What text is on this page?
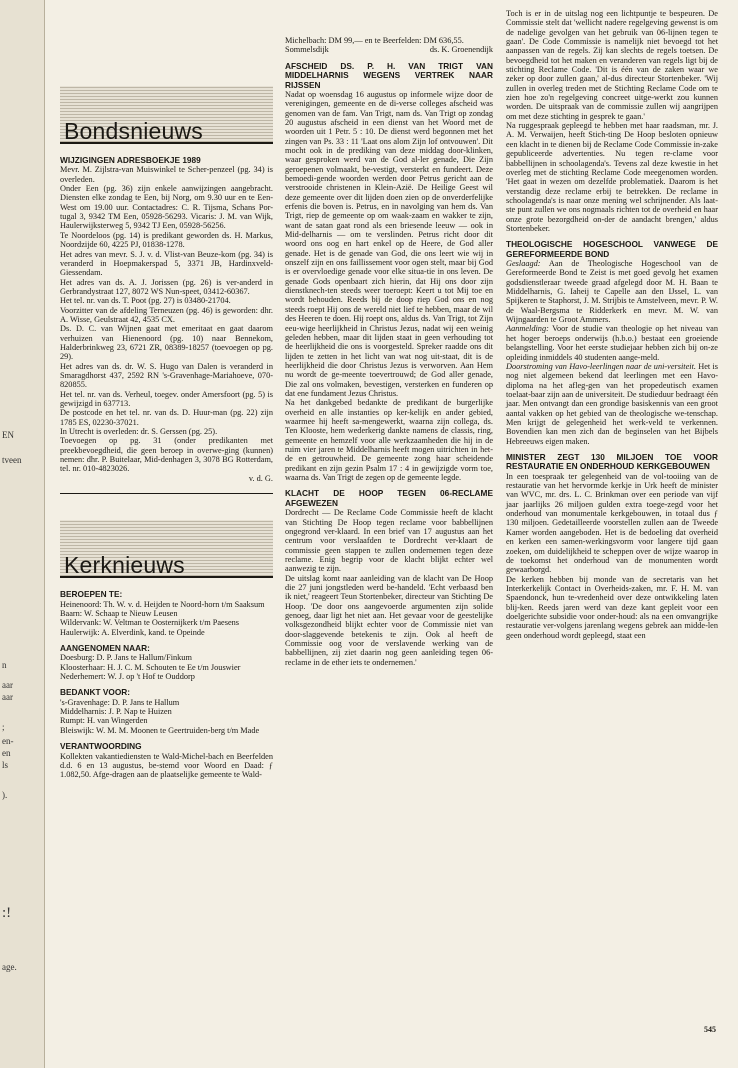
EN
tveen
n
aar
aar
;
en-
en
ls
).
:!
age.
Bondsnieuws

WIJZIGINGEN ADRESBOEKJE 1989

Mevr. M. Zijlstra-van Muiswinkel te Scher-penzeel (pg. 34) is overleden.

Onder Een (pg. 36) zijn enkele aanwijzingen aangebracht. Diensten elke zondag te Een, bij Norg, om 9.30 uur en te Een-West om 19.00 uur. Contactadres: C. R. Tijsma, Schans Por-tugal 3, 9342 TM Een, 05928-56293. Vicaris: J. M. van Wijk, Haulerwijksterweg 5, 9342 TJ Een, 05928-56256.

Te Noordeloos (pg. 14) is predikant geworden ds. H. Markus, Noordzijde 60, 4225 PJ, 01838-1278.

Het adres van mevr. S. J. v. d. Vlist-van Beuze-kom (pg. 34) is veranderd in Hoepmakerspad 5, 3371 JB, Hardinxveld-Giessendam.

Het adres van ds. A. J. Jorissen (pg. 26) is ver-anderd in Gerbrandystraat 127, 8072 WS Nun-speet, 03412-60367.

Het tel. nr. van ds. T. Poot (pg. 27) is 03480-21704.

Voorzitter van de afdeling Terneuzen (pg. 46) is geworden: dhr. A. Wisse, Geulstraat 42, 4535 CX.

Ds. D. C. van Wijnen gaat met emeritaat en gaat daarom verhuizen van Hienenoord (pg. 10) naar Bennekom, Halderbrinkweg 23, 6721 ZR, 08389-18257 (toevoegen op pg. 29).

Het adres van ds. dr. W. S. Hugo van Dalen is veranderd in Smaragdhorst 437, 2592 RN 's-Gravenhage-Mariahoeve, 070-820855.

Het tel. nr. van ds. Verheul, toegev. onder Amersfoort (pg. 5) is gewijzigd in 637713.

De postcode en het tel. nr. van ds. D. Huur-man (pg. 22) zijn 1785 ES, 02230-37021.

In Utrecht is overleden: dr. S. Gerssen (pg. 25).

Toevoegen op pg. 31 (onder predikanten met preekbevoegdheid, die geen beroep in overwe-ging (kunnen) nemen: dhr. P. Buitelaar, Mid-denhagen 3, 3078 BG Rotterdam, tel. nr. 010-4823026.

v. d. G.

Kerknieuws

BEROEPEN TE:

Heinenoord: Th. W. v. d. Heijden te Noord-horn t/m Saaksum

Baarn: W. Schaap te Nieuw Leusen

Wildervank: W. Veltman te Oosternijkerk t/m Paesens

Haulerwijk: A. Elverdink, kand. te Opeinde

AANGENOMEN NAAR:

Doesburg: D. P. Jans te Hallum/Finkum

Kloosterhaar: H. J. C. M. Schouten te Ee t/m Jouswier

Nederhemert: W. J. op 't Hof te Ouddorp

BEDANKT VOOR:

's-Gravenhage: D. P. Jans te Hallum

Middelharnis: J. P. Nap te Huizen

Rumpt: H. van Wingerden

Bleiswijk: W. M. M. Moonen te Geertruiden-berg t/m Made

VERANTWOORDING

Kollekten vakantiediensten te Wald-Michel-bach en Beerfelden d.d. 6 en 13 augustus, be-stemd voor Woord en Daad: ƒ 1.082,50. Afge-dragen aan de plaatselijke gemeente te Wald-

Michelbach: DM 99,— en te Beerfelden: DM 636,55.

Sommelsdijk	ds. K. Groenendijk

AFSCHEID DS. P. H. VAN TRIGT VAN MIDDELHARNIS WEGENS VERTREK NAAR RIJSSEN

Nadat op woensdag 16 augustus op informele wijze door de verenigingen, gemeente en de di-verse colleges afscheid was genomen van de fam. Van Trigt, nam ds. Van Trigt op zondag 20 augustus afscheid in een dienst van het Woord met de woorden uit 1 Petr. 5 : 10. De dienst werd begonnen met het zingen van Ps. 33 : 11 'Laat ons alom Zijn lof ontvouwen'. Dit mocht ook in de prediking van deze middag door-klinken, waar gesproken werd van de God al-ler genade, Die Zijn geroepenen volmaakt, be-vestigt, versterkt en fundeert. Deze bemoedi-gende woorden werden door Petrus gericht aan de verstrooide christenen in Klein-Azië. De Heilige Geest wil deze gemeente over dit lijden doen zien op de onverderfelijke erfenis die boven is. Petrus, en in navolging van hem ds. Van Trigt, riep de gemeente op om waak-zaam en wakker te zijn, want de satan gaat rond als een briesende leeuw — ook in Mid-delharnis — om te verslinden. Petrus richt door dit woord ons oog en hart enkel op de Heere, de God aller genade. Het is de genade van God, die ons leert wie wij in onszelf zijn en ons faillissement voor ogen stelt, maar bij God is er overvloedige genade voor elke situa-tie in ons leven. De genade Gods openbaart zich hierin, dat Hij ons door zijn dienstknech-ten steeds weer toeroept: Keert u tot Mij toe en wordt behouden. Reeds bij de doop riep God ons en nog steeds roept Hij ons de wereld niet lief te hebben, maar de wil des Heeren te doen. Hij roept ons, aldus ds. Van Trigt, tot Zijn eeu-wige heerlijkheid in Christus Jezus, nadat wij een weinig geleden hebben, maar dit lijden staat in geen verhouding tot de heerlijkheid die ons is voorgesteld. Spreker raadde ons dit lijden te zetten in het licht van wat nog uit-staat, dit is de heerlijkheid die door Christus Jezus is verworven. Aan Hem nu wordt de ge-meente toevertrouwd; de God aller genade, Die zal ons volmaken, bevestigen, versterken en funderen op dat ene fundament Jezus Christus.

Na het dankgebed bedankte de predikant de burgerlijke overheid en alle instanties op ker-kelijk en ander gebied, waarmee hij heeft sa-mengewerkt, waarna zijn collega, ds. Ten Klooste, hem wederkerig dankte namens de classis, ring, gemeente en hemzelf voor alle werkzaamheden die hij in de ruim vier jaren te Middelharnis heeft mogen uitrichten in het-de en getrouwheid. De gemeente zong haar scheidende predikant en zijn gezin Psalm 17 : 4 in gewijzigde vorm toe, waarna ds. Van Trigt de zegen op de gemeente legde.

KLACHT DE HOOP TEGEN 06-RECLAME AFGEWEZEN

Dordrecht — De Reclame Code Commissie heeft de klacht van Stichting De Hoop tegen reclame voor babbellijnen ongegrond ver-klaard. In een brief van 17 augustus aan het centrum voor verslaafden te Dordrecht ver-klaart de commissie geen stappen te zullen ondernemen tegen deze reclame. Enig begrip voor de klacht blijkt echter wel aanwezig te zijn.

De uitslag komt naar aanleiding van de klacht van De Hoop die 27 juni jongstleden werd be-handeld. 'Echt verbaasd ben ik niet,' reageert Teun Stortenbeker, directeur van Stichting De Hoop. 'De door ons aangevoerde argumenten zijn solide genoeg, daar ligt het niet aan. Het gevaar voor de geestelijke volksgezondheid blijkt echter voor de Commissie niet van door-slaggevende betekenis te zijn. Ook al heeft de Commissie oog voor de verslavende werking van de babbellijnen, zij ziet daarin nog geen aanleiding tegen 06-reclame in de ether iets te ondernemen.'

Toch is er in de uitslag nog een lichtpuntje te bespeuren. De Commissie stelt dat 'wellicht nadere regelgeving gewenst is om de nadelige gevolgen van het gebruik van 06-lijnen tegen te gaan'. De Code Commissie is namelijk niet bevoegd tot het aanpassen van de regels. Zij kan slechts de regels toetsen. De bevoegdheid tot het maken en veranderen van regels ligt bij de stichting Reclame Code. 'Dit is één van de zaken waar we zeker op door zullen gaan,' al-dus directeur Stortenbeker. 'Wij zullen in overleg treden met de Stichting Reclame Code om te zien hoe zo'n regelgeving concreet uitge-werkt zou kunnen worden. De uitspraak van de commissie zullen wij aangrijpen om met deze stichting in gesprek te gaan.'

Na ruggespraak gepleegd te hebben met haar raadsman, mr. J. A. M. Verwaijen, heeft Stich-ting De Hoop besloten opnieuw een klacht in te dienen bij de Reclame Code Commissie in-zake gepubliceerde advertenties. Nu tegen re-clame voor babbellijnen in schoolagenda's. Tevens zal deze kwestie in het overleg met de stichting Reclame Code meegenomen worden. 'Het gaat in wezen om dezelfde problematiek. Daarom is het verstandig deze reclame erbij te betrekken. De reclame in schoolagenda's is naar onze mening wel schrijnender. Als laat-ste punt zullen we ons nogmaals richten tot de overheid en haar onze grote bezorgdheid on-der de aandacht brengen,' aldus Stortenbeker.

THEOLOGISCHE HOGESCHOOL VANWEGE DE GEREFORMEERDE BOND

Geslaagd: Aan de Theologische Hogeschool van de Gereformeerde Bond te Zeist is met goed gevolg het examen godsdienstleraar tweede graad afgelegd door M. H. Baan te Middelharnis, G. Iaheij te Capelle aan den IJssel, L. van Spijkeren te Staphorst, J. M. Strijbis te Amstelveen, mevr. P. W. de Waal-Bergsma te Ridderkerk en mevr. M. W. van Wijngaarden te Groot Ammers.

Aanmelding: Voor de studie van theologie op het niveau van het hoger beroeps onderwijs (h.b.o.) bestaat een groeiende belangstelling. Voor het eerste studiejaar hebben zich bij on-ze opleiding inmiddels 40 studenten aange-meld.

Doorstroming van Havo-leerlingen naar de uni-versiteit. Het is nog niet algemeen bekend dat leerlingen met een Havo-diploma na het afleg-gen van het propedeutisch examen toelaat-baar zijn aan de universiteit. De studieduur bedraagt één jaar. Men ontvangt dan een grondige basiskennis van een groot aantal vakken op het gebied van de theologische we-tenschap. Men krijgt de gelegenheid het werk-veld te verkennen. Bovendien kan men zich dan de beginselen van het Bijbels Hebreeuws eigen maken.

MINISTER ZEGT 130 MILJOEN TOE VOOR RESTAURATIE EN ONDERHOUD KERKGEBOUWEN

In een toespraak ter gelegenheid van de vol-tooiing van de restauratie van het hervormde kerkje in Urk heeft de minister van WVC, mr. drs. L. C. Brinkman over een periode van vijf jaar jaarlijks 26 miljoen gulden extra toege-zegd voor het onderhoud van monumentale kerkgebouwen, in totaal dus ƒ 130 miljoen. Gedetailleerde voorstellen zullen aan de Tweede Kamer worden aangeboden. Het is de bedoeling dat overheid en kerken een samen-werkingsvorm voor langere tijd gaan zoeken, om duidelijkheid te scheppen over de wijze waarop in de toekomst het onderhoud van de monumenten wordt gewaarborgd.

De kerken hebben bij monde van de secretaris van het Interkerkelijk Contact in Overheids-zaken, mr. F. H. M. van Spaendonck, hun te-vredenheid over deze ontwikkeling laten blij-ken. Reeds jaren werd van deze kant gepleit voor een doelgerichte subsidie voor onder-houd: als na een omvangrijke restauratie ver-volgens jarenlang wegens gebrek aan midde-len geen onderhoud wordt gepleegd, staat een

545
